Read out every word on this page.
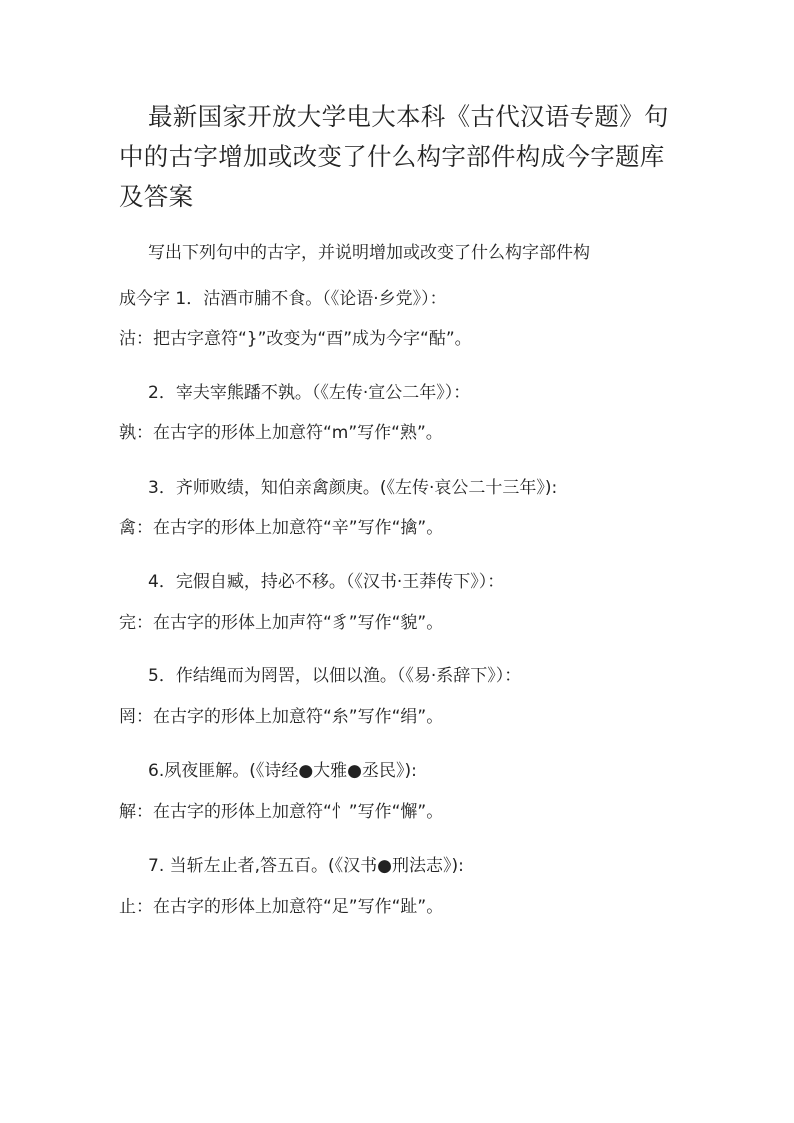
最新国家开放大学电大本科《古代汉语专题》句中的古字增加或改变了什么构字部件构成今字题库及答案

写出下列句中的古字，并说明增加或改变了什么构字部件构

成今字 1．沽酒市脯不食。（《论语·乡党》）：

沽：把古字意符“}”改变为“酉”成为今字“酤”。

2．宰夫宰熊蹯不孰。（《左传·宣公二年》）：

孰：在古字的形体上加意符“m”写作“熟”。

3．齐师败绩，知伯亲禽颜庚。(《左传·哀公二十三年》):

禽：在古字的形体上加意符“辛”写作“擒”。

4．完假自臧，持必不移。（《汉书·王莽传下》）：

完：在古字的形体上加声符“豸”写作“貌”。

5．作结绳而为罔罟，以佃以渔。（《易·系辞下》）：

罔：在古字的形体上加意符“糸”写作“绢”。

6.夙夜匪解。(《诗经●大雅●丞民》):

解：在古字的形体上加意符“忄”写作“懈”。

7. 当斩左止者,答五百。(《汉书●刑法志》):

止：在古字的形体上加意符“足”写作“趾”。
